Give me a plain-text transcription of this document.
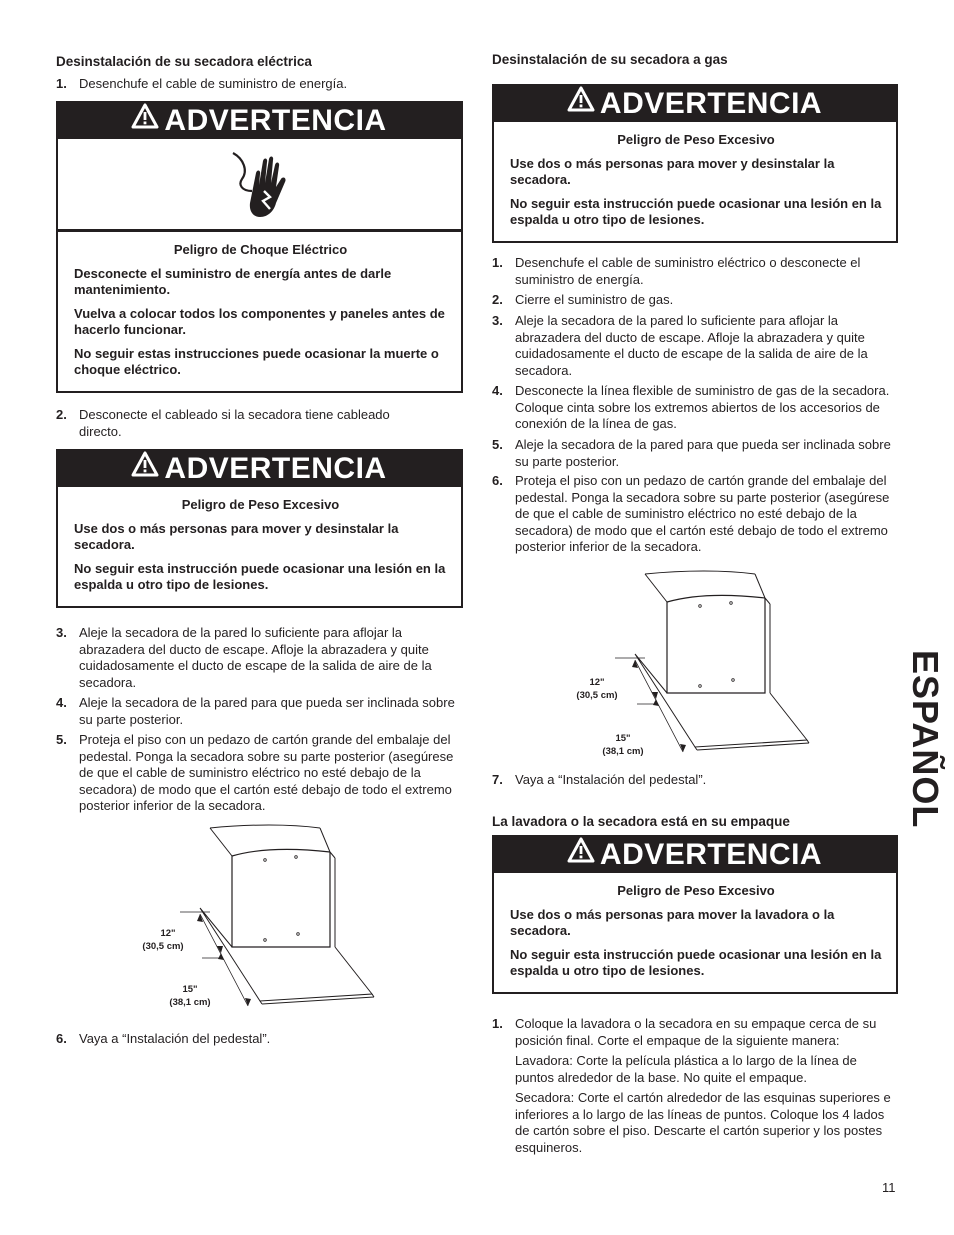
Desinstalación de su secadora eléctrica
1. Desenchufe el cable de suministro de energía.
ADVERTENCIA
Peligro de Choque Eléctrico

Desconecte el suministro de energía antes de darle mantenimiento.

Vuelva a colocar todos los componentes y paneles antes de hacerlo funcionar.

No seguir estas instrucciones puede ocasionar la muerte o choque eléctrico.

2. Desconecte el cableado si la secadora tiene cableado directo.
ADVERTENCIA
Peligro de Peso Excesivo

Use dos o más personas para mover y desinstalar la secadora.

No seguir esta instrucción puede ocasionar una lesión en la espalda u otro tipo de lesiones.

3. Aleje la secadora de la pared lo suficiente para aflojar la abrazadera del ducto de escape. Afloje la abrazadera y quite cuidadosamente el ducto de escape de la salida de aire de la secadora.
4. Aleje la secadora de la pared para que pueda ser inclinada sobre su parte posterior.
5. Proteja el piso con un pedazo de cartón grande del embalaje del pedestal. Ponga la secadora sobre su parte posterior (asegúrese de que el cable de suministro eléctrico no esté debajo de la secadora) de modo que el cartón esté debajo de todo el extremo posterior inferior de la secadora.
12"
(30,5 cm)
15"
(38,1 cm)
6. Vaya a “Instalación del pedestal”.
Desinstalación de su secadora a gas
ADVERTENCIA
Peligro de Peso Excesivo

Use dos o más personas para mover y desinstalar la secadora.

No seguir esta instrucción puede ocasionar una lesión en la espalda u otro tipo de lesiones.

1. Desenchufe el cable de suministro eléctrico o desconecte el suministro de energía.
2. Cierre el suministro de gas.
3. Aleje la secadora de la pared lo suficiente para aflojar la abrazadera del ducto de escape. Afloje la abrazadera y quite cuidadosamente el ducto de escape de la salida de aire de la secadora.
4. Desconecte la línea flexible de suministro de gas de la secadora. Coloque cinta sobre los extremos abiertos de los accesorios de conexión de la línea de gas.
5. Aleje la secadora de la pared para que pueda ser inclinada sobre su parte posterior.
6. Proteja el piso con un pedazo de cartón grande del embalaje del pedestal. Ponga la secadora sobre su parte posterior (asegúrese de que el cable de suministro eléctrico no esté debajo de la secadora) de modo que el cartón esté debajo de todo el extremo posterior inferior de la secadora.
12"
(30,5 cm)
15"
(38,1 cm)
7. Vaya a “Instalación del pedestal”.
La lavadora o la secadora está en su empaque
ADVERTENCIA
Peligro de Peso Excesivo

Use dos o más personas para mover la lavadora o la secadora.

No seguir esta instrucción puede ocasionar una lesión en la espalda u otro tipo de lesiones.

1. Coloque la lavadora o la secadora en su empaque cerca de su posición final. Corte el empaque de la siguiente manera:
Lavadora: Corte la película plástica a lo largo de la línea de puntos alrededor de la base. No quite el empaque.
Secadora: Corte el cartón alrededor de las esquinas superiores e inferiores a lo largo de las líneas de puntos. Coloque los 4 lados de cartón sobre el piso. Descarte el cartón superior y los postes esquineros.
ESPAÑOL
11
